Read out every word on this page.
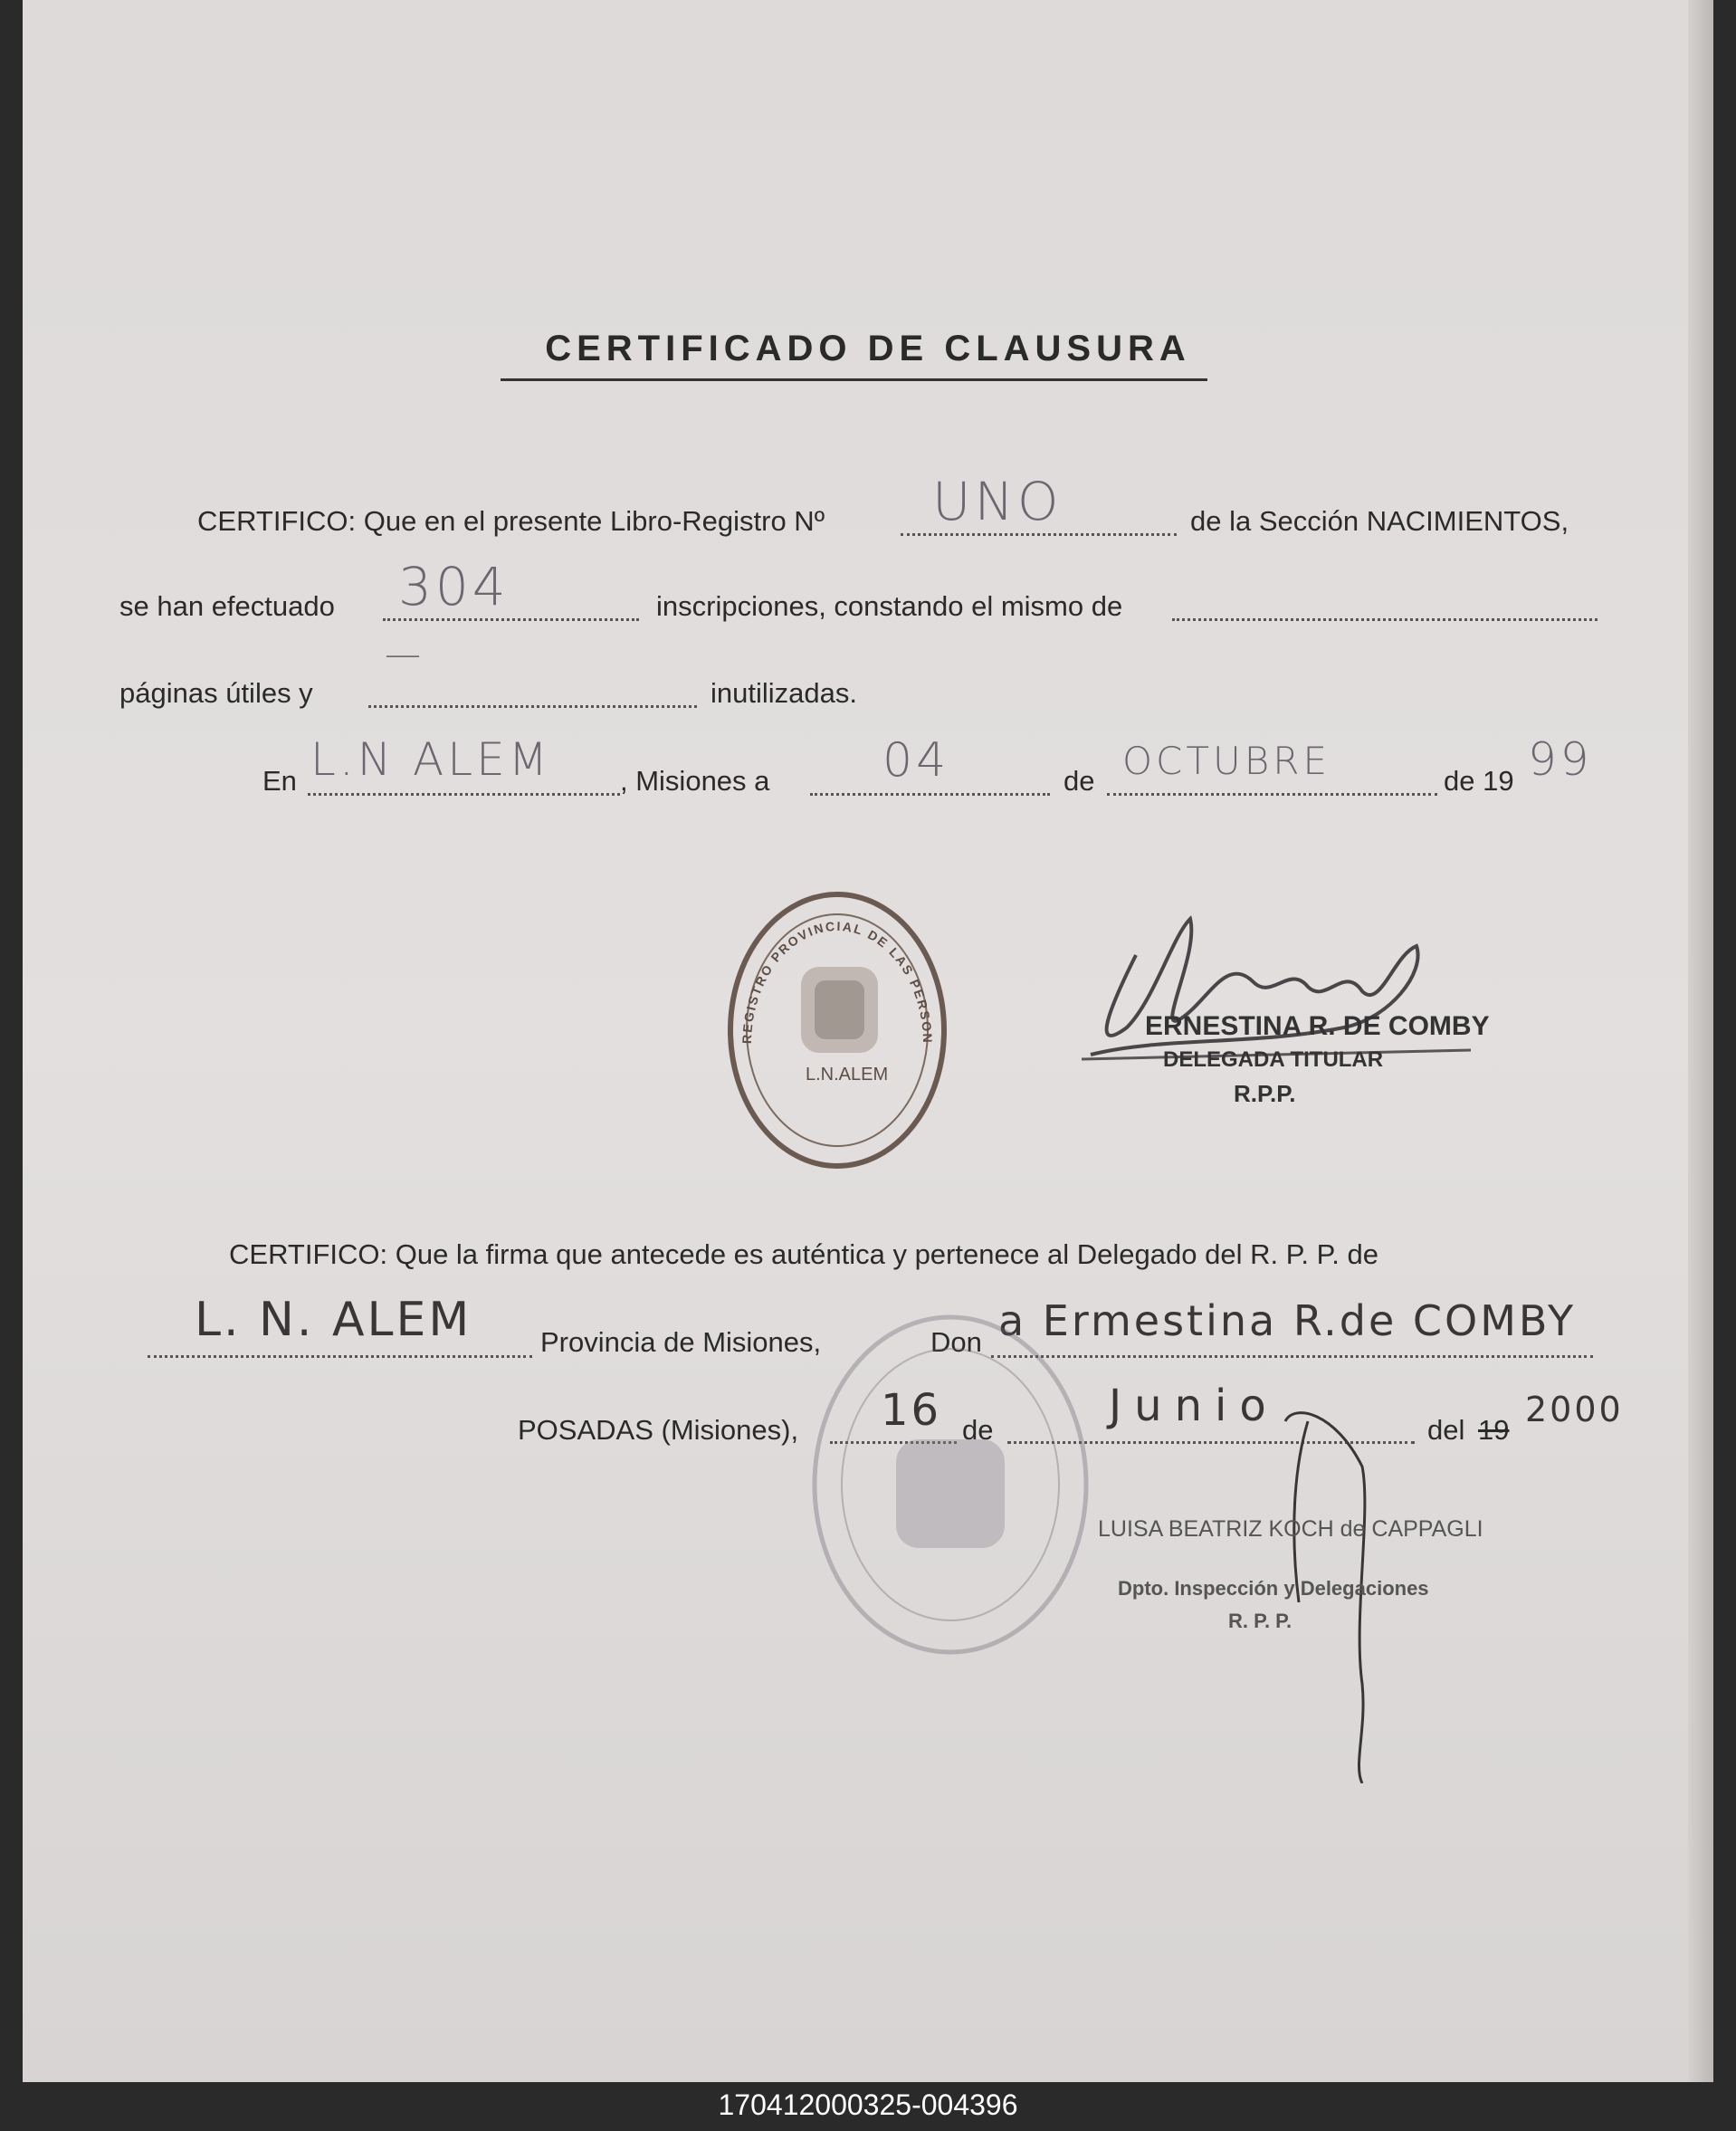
CERTIFICADO DE CLAUSURA
CERTIFICO: Que en el presente Libro-Registro Nº UNO	de la Sección NACIMIENTOS,
se han efectuado 304	inscripciones, constando el mismo de
páginas útiles y
—
inutilizadas.
En L.N ALEM , Misiones a 04	de OCTUBRE	de 19 99
REGISTRO PROVINCIAL DE LAS PERSON
L.N.ALEM
ERNESTINA R. DE COMBY
DELEGADA TITULAR
R.P.P.
CERTIFICO: Que la firma que antecede es auténtica y pertenece al Delegado del R. P. P. de
L. N. ALEM Provincia de Misiones,	Don a Ermestina R.de COMBY
POSADAS (Misiones), 16 de	Junio	del 19
2000
LUISA BEATRIZ KOCH de CAPPAGLI
Dpto. Inspección y Delegaciones
R. P. P.
170412000325-004396
